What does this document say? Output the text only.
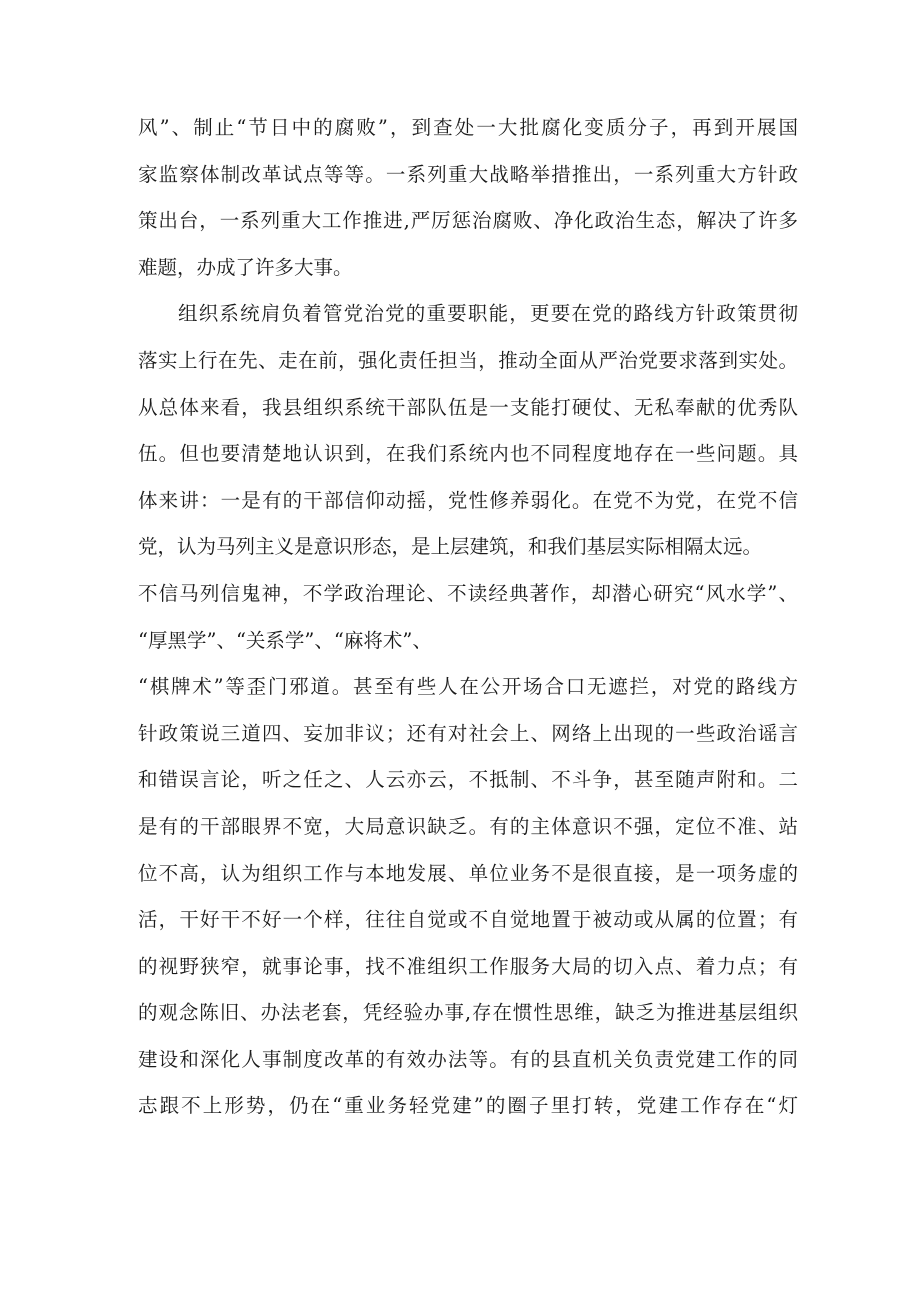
风”、制止“节日中的腐败”，到查处一大批腐化变质分子，再到开展国
家监察体制改革试点等等。一系列重大战略举措推出，一系列重大方针政
策出台，一系列重大工作推进,严厉惩治腐败、净化政治生态，解决了许多
难题，办成了许多大事。
组织系统肩负着管党治党的重要职能，更要在党的路线方针政策贯彻
落实上行在先、走在前，强化责任担当，推动全面从严治党要求落到实处。
从总体来看，我县组织系统干部队伍是一支能打硬仗、无私奉献的优秀队
伍。但也要清楚地认识到，在我们系统内也不同程度地存在一些问题。具
体来讲：一是有的干部信仰动摇，党性修养弱化。在党不为党，在党不信
党，认为马列主义是意识形态，是上层建筑，和我们基层实际相隔太远。
不信马列信鬼神，不学政治理论、不读经典著作，却潜心研究“风水学”、
“厚黑学”、“关系学”、“麻将术”、
“棋牌术”等歪门邪道。甚至有些人在公开场合口无遮拦，对党的路线方
针政策说三道四、妄加非议；还有对社会上、网络上出现的一些政治谣言
和错误言论，听之任之、人云亦云，不抵制、不斗争，甚至随声附和。二
是有的干部眼界不宽，大局意识缺乏。有的主体意识不强，定位不准、站
位不高，认为组织工作与本地发展、单位业务不是很直接，是一项务虚的
活，干好干不好一个样，往往自觉或不自觉地置于被动或从属的位置；有
的视野狭窄，就事论事，找不准组织工作服务大局的切入点、着力点；有
的观念陈旧、办法老套，凭经验办事,存在惯性思维，缺乏为推进基层组织
建设和深化人事制度改革的有效办法等。有的县直机关负责党建工作的同
志跟不上形势，仍在“重业务轻党建”的圈子里打转，党建工作存在“灯
